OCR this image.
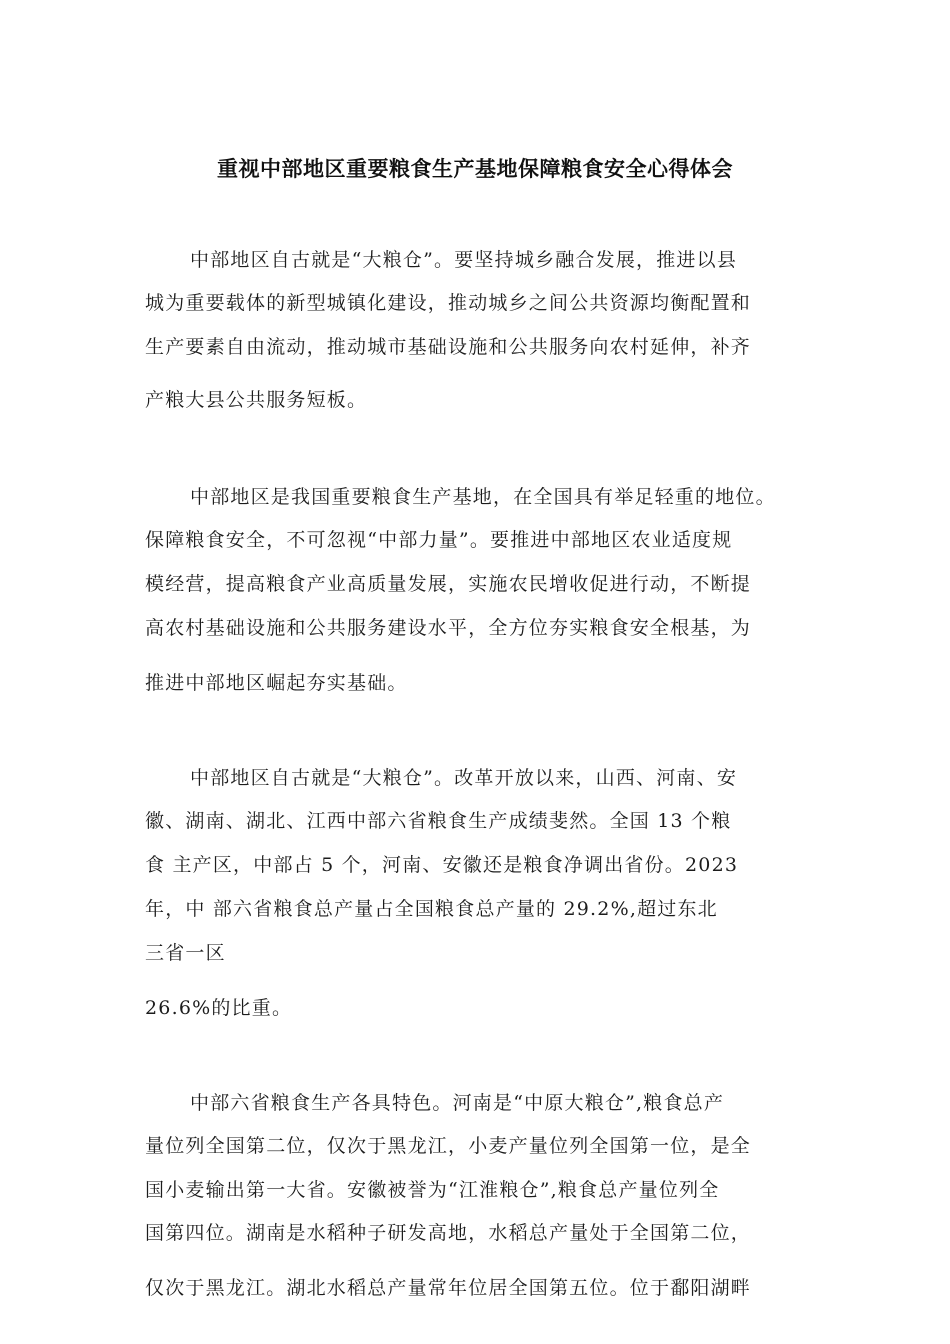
重视中部地区重要粮食生产基地保障粮食安全心得体会
中部地区自古就是“大粮仓”。要坚持城乡融合发展，推进以县
城为重要载体的新型城镇化建设，推动城乡之间公共资源均衡配置和
生产要素自由流动，推动城市基础设施和公共服务向农村延伸，补齐
产粮大县公共服务短板。
中部地区是我国重要粮食生产基地，在全国具有举足轻重的地位。
保障粮食安全，不可忽视“中部力量”。要推进中部地区农业适度规
模经营，提高粮食产业高质量发展，实施农民增收促进行动，不断提
高农村基础设施和公共服务建设水平，全方位夯实粮食安全根基，为
推进中部地区崛起夯实基础。
中部地区自古就是“大粮仓”。改革开放以来，山西、河南、安
徽、湖南、湖北、江西中部六省粮食生产成绩斐然。全国 13 个粮
食 主产区，中部占 5 个，河南、安徽还是粮食净调出省份。2023
年，中 部六省粮食总产量占全国粮食总产量的 29.2%,超过东北
三省一区
26.6%的比重。
中部六省粮食生产各具特色。河南是“中原大粮仓”,粮食总产
量位列全国第二位，仅次于黑龙江，小麦产量位列全国第一位，是全
国小麦输出第一大省。安徽被誉为“江淮粮仓”,粮食总产量位列全
国第四位。湖南是水稻种子研发高地，水稻总产量处于全国第二位，
仅次于黑龙江。湖北水稻总产量常年位居全国第五位。位于鄱阳湖畔
